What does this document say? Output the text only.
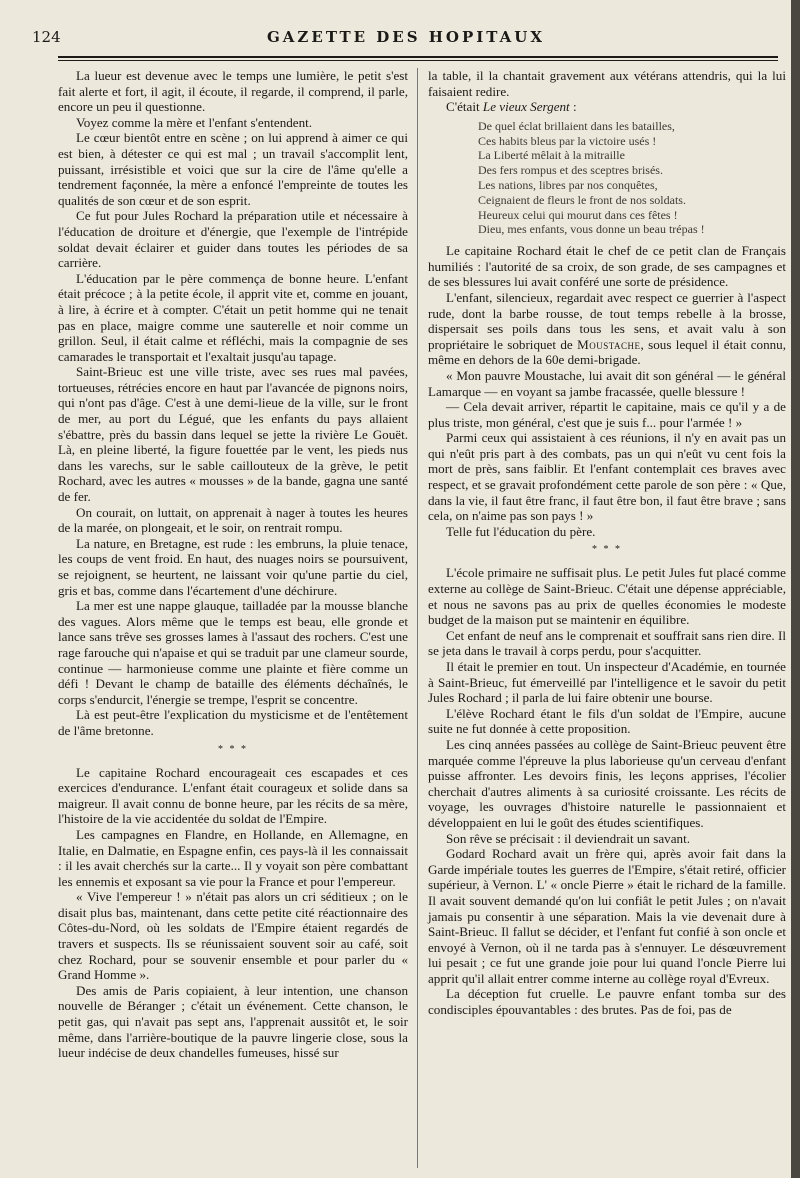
124	GAZETTE DES HOPITAUX

La lueur est devenue avec le temps une lumière, le petit s'est fait alerte et fort, il agit, il écoute, il regarde, il comprend, il parle, encore un peu il questionne.

Voyez comme la mère et l'enfant s'entendent.

Le cœur bientôt entre en scène ; on lui apprend à aimer ce qui est bien, à détester ce qui est mal ; un travail s'accomplit lent, puissant, irrésistible et voici que sur la cire de l'âme qu'elle a tendrement façonnée, la mère a enfoncé l'empreinte de toutes les qualités de son cœur et de son esprit.

Ce fut pour Jules Rochard la préparation utile et nécessaire à l'éducation de droiture et d'énergie, que l'exemple de l'intrépide soldat devait éclairer et guider dans toutes les périodes de sa carrière.

L'éducation par le père commença de bonne heure. L'enfant était précoce ; à la petite école, il apprit vite et, comme en jouant, à lire, à écrire et à compter. C'était un petit homme qui ne tenait pas en place, maigre comme une sauterelle et noir comme un grillon. Seul, il était calme et réfléchi, mais la compagnie de ses camarades le transportait et l'exaltait jusqu'au tapage.

Saint-Brieuc est une ville triste, avec ses rues mal pavées, tortueuses, rétrécies encore en haut par l'avancée de pignons noirs, qui n'ont pas d'âge. C'est à une demi-lieue de la ville, sur le front de mer, au port du Légué, que les enfants du pays allaient s'ébattre, près du bassin dans lequel se jette la rivière Le Gouët. Là, en pleine liberté, la figure fouettée par le vent, les pieds nus dans les varechs, sur le sable caillouteux de la grève, le petit Rochard, avec les autres « mousses » de la bande, gagna une santé de fer.

On courait, on luttait, on apprenait à nager à toutes les heures de la marée, on plongeait, et le soir, on rentrait rompu.

La nature, en Bretagne, est rude : les embruns, la pluie tenace, les coups de vent froid. En haut, des nuages noirs se poursuivent, se rejoignent, se heurtent, ne laissant voir qu'une partie du ciel, gris et bas, comme dans l'écartement d'une déchirure.

La mer est une nappe glauque, tailladée par la mousse blanche des vagues. Alors même que le temps est beau, elle gronde et lance sans trêve ses grosses lames à l'assaut des rochers. C'est une rage farouche qui n'apaise et qui se traduit par une clameur sourde, continue — harmonieuse comme une plainte et fière comme un défi ! Devant le champ de bataille des éléments déchaînés, le corps s'endurcit, l'énergie se trempe, l'esprit se concentre.

Là est peut-être l'explication du mysticisme et de l'entêtement de l'âme bretonne.

* * *

Le capitaine Rochard encourageait ces escapades et ces exercices d'endurance. L'enfant était courageux et solide dans sa maigreur. Il avait connu de bonne heure, par les récits de sa mère, l'histoire de la vie accidentée du soldat de l'Empire.

Les campagnes en Flandre, en Hollande, en Allemagne, en Italie, en Dalmatie, en Espagne enfin, ces pays-là il les connaissait : il les avait cherchés sur la carte... Il y voyait son père combattant les ennemis et exposant sa vie pour la France et pour l'empereur.

« Vive l'empereur ! » n'était pas alors un cri séditieux ; on le disait plus bas, maintenant, dans cette petite cité réactionnaire des Côtes-du-Nord, où les soldats de l'Empire étaient regardés de travers et suspects. Ils se réunissaient souvent soir au café, soit chez Rochard, pour se souvenir ensemble et pour parler du « Grand Homme ».

Des amis de Paris copiaient, à leur intention, une chanson nouvelle de Béranger ; c'était un événement. Cette chanson, le petit gas, qui n'avait pas sept ans, l'apprenait aussitôt et, le soir même, dans l'arrière-boutique de la pauvre lingerie close, sous la lueur indécise de deux chandelles fumeuses, hissé sur

la table, il la chantait gravement aux vétérans attendris, qui la lui faisaient redire.

C'était Le vieux Sergent :

De quel éclat brillaient dans les batailles,
Ces habits bleus par la victoire usés !
La Liberté mêlait à la mitraille
Des fers rompus et des sceptres brisés.
Les nations, libres par nos conquêtes,
Ceignaient de fleurs le front de nos soldats.
Heureux celui qui mourut dans ces fêtes !
Dieu, mes enfants, vous donne un beau trépas !

Le capitaine Rochard était le chef de ce petit clan de Français humiliés : l'autorité de sa croix, de son grade, de ses campagnes et de ses blessures lui avait conféré une sorte de présidence.

L'enfant, silencieux, regardait avec respect ce guerrier à l'aspect rude, dont la barbe rousse, de tout temps rebelle à la brosse, dispersait ses poils dans tous les sens, et avait valu à son propriétaire le sobriquet de Moustache, sous lequel il était connu, même en dehors de la 60e demi-brigade.

« Mon pauvre Moustache, lui avait dit son général — le général Lamarque — en voyant sa jambe fracassée, quelle blessure !

— Cela devait arriver, répartit le capitaine, mais ce qu'il y a de plus triste, mon général, c'est que je suis f... pour l'armée ! »

Parmi ceux qui assistaient à ces réunions, il n'y en avait pas un qui n'eût pris part à des combats, pas un qui n'eût vu cent fois la mort de près, sans faiblir. Et l'enfant contemplait ces braves avec respect, et se gravait profondément cette parole de son père : « Que, dans la vie, il faut être franc, il faut être bon, il faut être brave ; sans cela, on n'aime pas son pays ! »

Telle fut l'éducation du père.

* * *

L'école primaire ne suffisait plus. Le petit Jules fut placé comme externe au collège de Saint-Brieuc. C'était une dépense appréciable, et nous ne savons pas au prix de quelles économies le modeste budget de la maison put se maintenir en équilibre.

Cet enfant de neuf ans le comprenait et souffrait sans rien dire. Il se jeta dans le travail à corps perdu, pour s'acquitter.

Il était le premier en tout. Un inspecteur d'Académie, en tournée à Saint-Brieuc, fut émerveillé par l'intelligence et le savoir du petit Jules Rochard ; il parla de lui faire obtenir une bourse.

L'élève Rochard étant le fils d'un soldat de l'Empire, aucune suite ne fut donnée à cette proposition.

Les cinq années passées au collège de Saint-Brieuc peuvent être marquée comme l'épreuve la plus laborieuse qu'un cerveau d'enfant puisse affronter. Les devoirs finis, les leçons apprises, l'écolier cherchait d'autres aliments à sa curiosité croissante. Les récits de voyage, les ouvrages d'histoire naturelle le passionnaient et développaient en lui le goût des études scientifiques.

Son rêve se précisait : il deviendrait un savant.

Godard Rochard avait un frère qui, après avoir fait dans la Garde impériale toutes les guerres de l'Empire, s'était retiré, officier supérieur, à Vernon. L' « oncle Pierre » était le richard de la famille. Il avait souvent demandé qu'on lui confiât le petit Jules ; on n'avait jamais pu consentir à une séparation. Mais la vie devenait dure à Saint-Brieuc. Il fallut se décider, et l'enfant fut confié à son oncle et envoyé à Vernon, où il ne tarda pas à s'ennuyer. Le désœuvrement lui pesait ; ce fut une grande joie pour lui quand l'oncle Pierre lui apprit qu'il allait entrer comme interne au collège royal d'Evreux.

La déception fut cruelle. Le pauvre enfant tomba sur des condisciples épouvantables : des brutes. Pas de foi, pas de
